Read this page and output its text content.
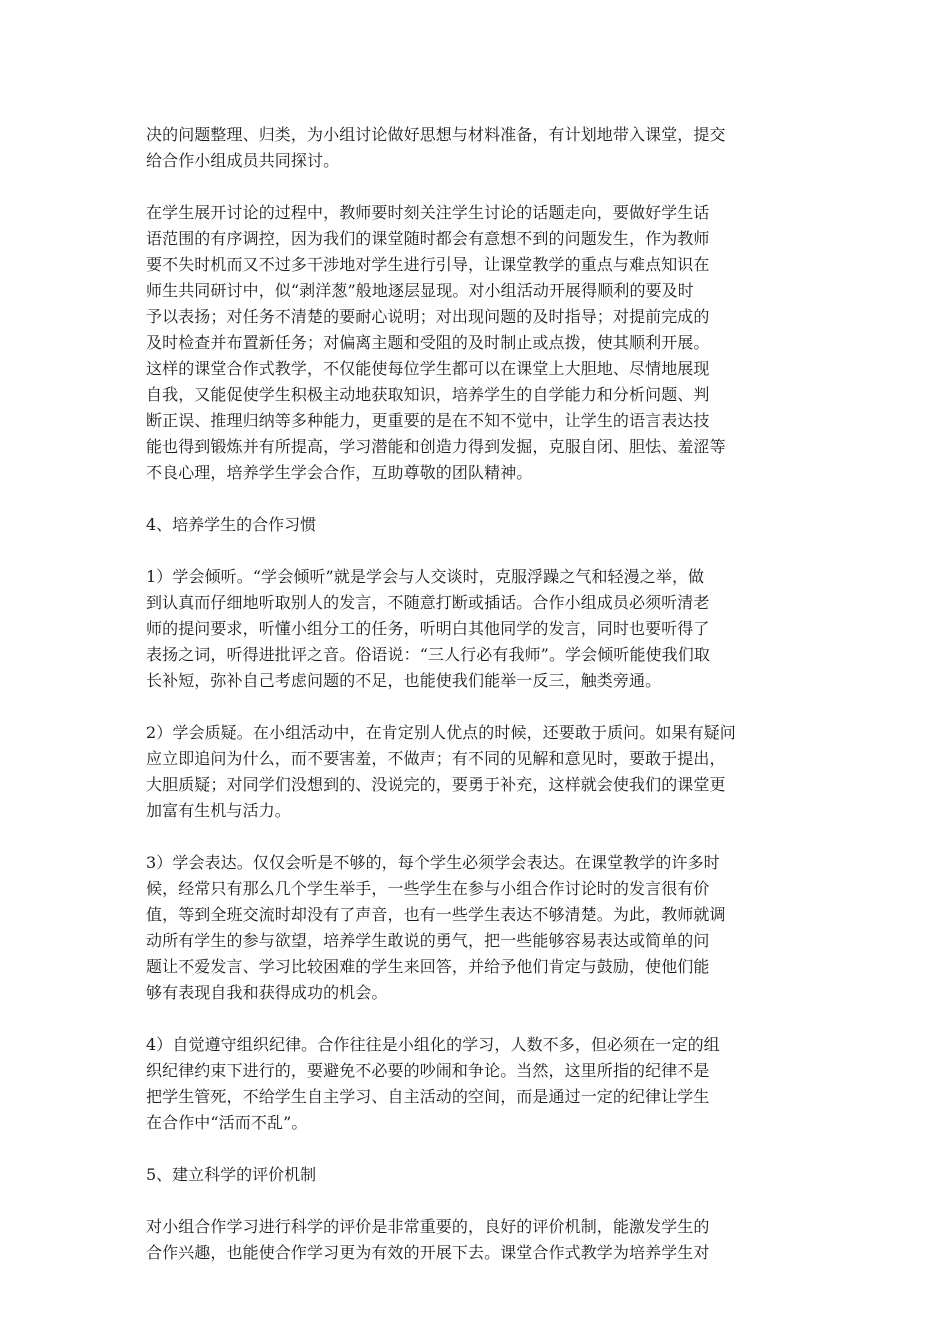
决的问题整理、归类，为小组讨论做好思想与材料准备，有计划地带入课堂，提交
给合作小组成员共同探讨。

在学生展开讨论的过程中，教师要时刻关注学生讨论的话题走向，要做好学生话
语范围的有序调控，因为我们的课堂随时都会有意想不到的问题发生，作为教师
要不失时机而又不过多干涉地对学生进行引导，让课堂教学的重点与难点知识在
师生共同研讨中，似“剥洋葱”般地逐层显现。对小组活动开展得顺利的要及时
予以表扬；对任务不清楚的要耐心说明；对出现问题的及时指导；对提前完成的
及时检查并布置新任务；对偏离主题和受阻的及时制止或点拨，使其顺利开展。
这样的课堂合作式教学，不仅能使每位学生都可以在课堂上大胆地、尽情地展现
自我，又能促使学生积极主动地获取知识，培养学生的自学能力和分析问题、判
断正误、推理归纳等多种能力，更重要的是在不知不觉中，让学生的语言表达技
能也得到锻炼并有所提高，学习潜能和创造力得到发掘，克服自闭、胆怯、羞涩等
不良心理，培养学生学会合作，互助尊敬的团队精神。

4、培养学生的合作习惯

1）学会倾听。“学会倾听”就是学会与人交谈时，克服浮躁之气和轻漫之举，做
到认真而仔细地听取别人的发言，不随意打断或插话。合作小组成员必须听清老
师的提问要求，听懂小组分工的任务，听明白其他同学的发言，同时也要听得了
表扬之词，听得进批评之音。俗语说：“三人行必有我师”。学会倾听能使我们取
长补短，弥补自己考虑问题的不足，也能使我们能举一反三，触类旁通。

2）学会质疑。在小组活动中，在肯定别人优点的时候，还要敢于质问。如果有疑问
应立即追问为什么，而不要害羞，不做声；有不同的见解和意见时，要敢于提出，
大胆质疑；对同学们没想到的、没说完的，要勇于补充，这样就会使我们的课堂更
加富有生机与活力。

3）学会表达。仅仅会听是不够的，每个学生必须学会表达。在课堂教学的许多时
候，经常只有那么几个学生举手，一些学生在参与小组合作讨论时的发言很有价
值，等到全班交流时却没有了声音，也有一些学生表达不够清楚。为此，教师就调
动所有学生的参与欲望，培养学生敢说的勇气，把一些能够容易表达或简单的问
题让不爱发言、学习比较困难的学生来回答，并给予他们肯定与鼓励，使他们能
够有表现自我和获得成功的机会。

4）自觉遵守组织纪律。合作往往是小组化的学习，人数不多，但必须在一定的组
织纪律约束下进行的，要避免不必要的吵闹和争论。当然，这里所指的纪律不是
把学生管死，不给学生自主学习、自主活动的空间，而是通过一定的纪律让学生
在合作中“活而不乱”。

5、建立科学的评价机制

对小组合作学习进行科学的评价是非常重要的，良好的评价机制，能激发学生的
合作兴趣，也能使合作学习更为有效的开展下去。课堂合作式教学为培养学生对
